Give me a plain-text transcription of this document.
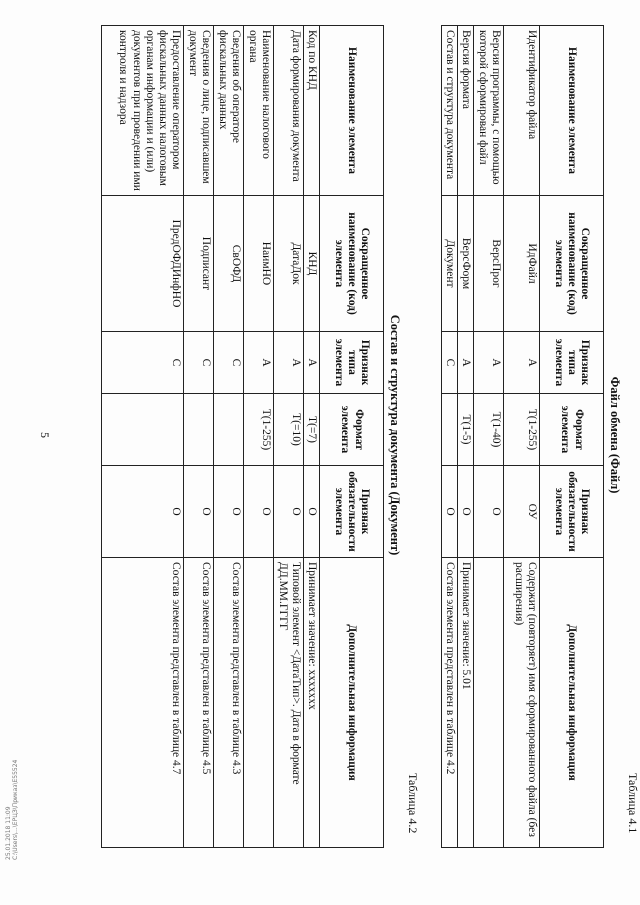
Таблица 4.1
Файл обмена (Файл)
Наименование элемента	Сокращенное наименование (код) элемента	Признак типа элемента	Формат элемента	Признак обязательности элемента	Дополнительная информация
Идентификатор файла	ИдФайл	А	Т(1-255)	ОУ	Содержит (повторяет) имя сформированного файла (без расширения)
Версия программы, с помощью которой сформирован файл	ВерсПрог	А	Т(1-40)	О	
Версия формата	ВерсФорм	А	Т(1-5)	О	Принимает значение: 5.01
Состав и структура документа	Документ	С		О	Состав элемента представлен в таблице 4.2
Таблица 4.2
Состав и структура документа (Документ)
Наименование элемента	Сокращенное наименование (код) элемента	Признак типа элемента	Формат элемента	Признак обязательности элемента	Дополнительная информация
Код по КНД	КНД	А	Т(=7)	О	Принимает значение: ххххххх
Дата формирования документа	ДатаДок	А	Т(=10)	О	Типовой элемент <ДатаТип>. Дата в формате ДД.ММ.ГГГГ
Наименование налогового органа	НаимНО	А	Т(1-255)	О	
Сведения об операторе фискальных данных	СвОФД	С		О	Состав элемента представлен в таблице 4.3
Сведения о лице, подписавшем документ	Подписант	С		О	Состав элемента представлен в таблице 4.5
Предоставление оператором фискальных данных налоговым органам информации и (или) документов при проведении ими контроля и надзора	ПредОФДИнфНО	С		О	Состав элемента представлен в таблице 4.7
5
25.01.2018 11:09 С:\Users\...\ЕРЦЗ\Приказ\Е55524
